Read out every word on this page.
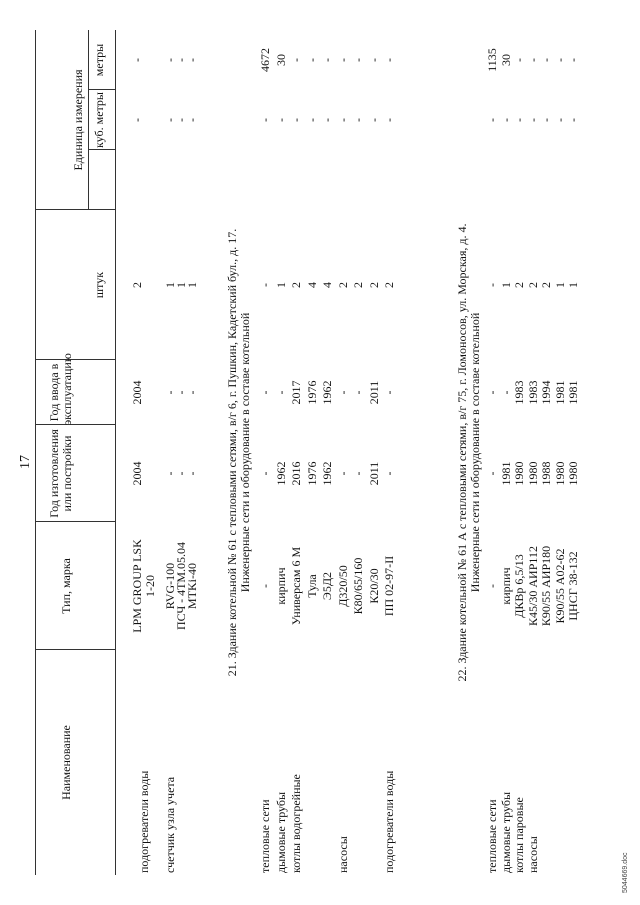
17
Наименование
Тип, марка
Год изготовления или постройки
Год ввода в эксплуатацию
штук
Единица измерения куб. метры
метры
подогреватели воды
LPM GROUP LSK 1-20
2004
2004
2
-
-
счетчик узла учета
RVG-100
-
-
1
-
-
ПСЧ - 4ТМ.05.04
-
-
1
-
-
MTKi-40
-
-
1
-
-
21. Здание котельной № 61 с тепловыми сетями, в/г 6, г. Пушкин, Кадетский бул., д. 17. Инженерные сети и оборудование в составе котельной
тепловые сети
-
-
-
-
-
4672
дымовые трубы
кирпич
1962
-
1
-
30
котлы водогрейные
Универсам 6 М
2016
2017
2
-
-
Тула
1976
1976
4
-
-
Э5Д2
1962
1962
4
-
-
насосы
Д320/50
-
-
2
-
-
К80/65/160
-
-
2
-
-
К20/30
2011
2011
2
-
-
подогреватели воды
ПП 02-97-II
-
-
2
-
-
22. Здание котельной № 61 А с тепловыми сетями, в/г 75, г. Ломоносов, ул. Морская, д. 4. Инженерные сети и оборудование в составе котельной
тепловые сети
-
-
-
-
-
1135
дымовые трубы
кирпич
1981
-
1
-
30
котлы паровые
ДКВр 6,5/13
1980
1983
2
-
-
насосы
К45/30 АИР112
1980
1983
2
-
-
К90/55 АИР180
1988
1994
2
-
-
К90/55 А02-62
1980
1981
1
-
-
ЦНСГ 38-132
1980
1981
1
-
-
5044669.doc
